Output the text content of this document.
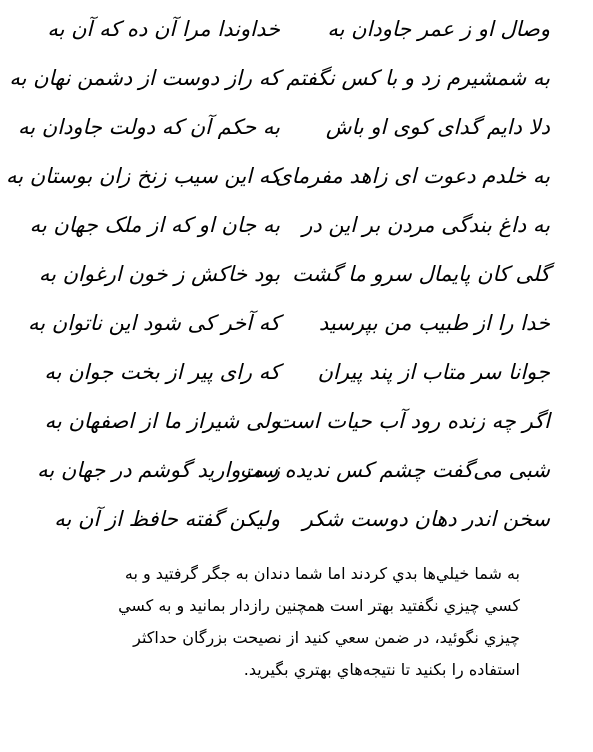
وصال او ز عمر جاودان به
خداوندا مرا آن ده که آن به
به شمشیرم زد و با کس نگفتم
که راز دوست از دشمن نهان به
دلا دایم گدای کوی او باش
به حکم آن که دولت جاودان به
به خلدم دعوت ای زاهد مفرمای
که این سیب زنخ زان بوستان به
به داغ بندگی مردن بر این در
به جان او که از ملک جهان به
گلی کان پایمال سرو ما گشت
بود خاکش ز خون ارغوان به
خدا را از طبیب من بپرسید
که آخر کی شود این ناتوان به
جوانا سر متاب از پند پیران
که رای پیر از بخت جوان به
اگر چه زنده رود آب حیات است
ولی شیراز ما از اصفهان به
شبی می‌گفت چشم کس ندیده ست
ز مروارید گوشم در جهان به
سخن اندر دهان دوست شکر
ولیکن گفته حافظ از آن به
به شما خيلي‌ها بدي کردند اما شما دندان به جگر گرفتيد و به
کسي چيزي نگفتيد بهتر است همچنين رازدار بمانيد و به کسي
چيزي نگوئيد، در ضمن سعي کنيد از نصيحت بزرگان حداکثر
استفاده را بکنيد تا نتيجه‌هاي بهتري بگيريد.
